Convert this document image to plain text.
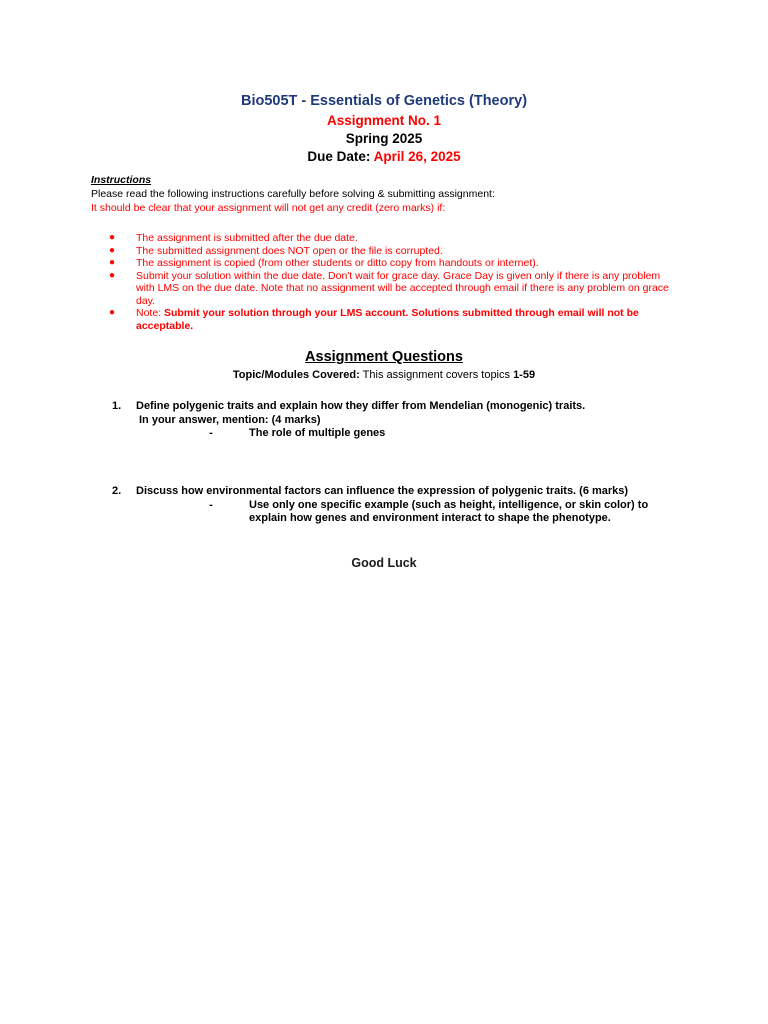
Bio505T - Essentials of Genetics (Theory)
Assignment No. 1
Spring 2025
Due Date: April 26, 2025
Instructions
Please read the following instructions carefully before solving & submitting assignment:
It should be clear that your assignment will not get any credit (zero marks) if:
●	The assignment is submitted after the due date.
●	The submitted assignment does NOT open or the file is corrupted.
●	The assignment is copied (from other students or ditto copy from handouts or internet).
●	Submit your solution within the due date. Don't wait for grace day. Grace Day is given only if there is any problem with LMS on the due date. Note that no assignment will be accepted through email if there is any problem on grace day.
●	Note: Submit your solution through your LMS account. Solutions submitted through email will not be acceptable.
Assignment Questions
Topic/Modules Covered: This assignment covers topics 1-59
1.	Define polygenic traits and explain how they differ from Mendelian (monogenic) traits.
In your answer, mention: (4 marks)
-	The role of multiple genes
2.	Discuss how environmental factors can influence the expression of polygenic traits. (6 marks)
-	Use only one specific example (such as height, intelligence, or skin color) to explain how genes and environment interact to shape the phenotype.
Good Luck
